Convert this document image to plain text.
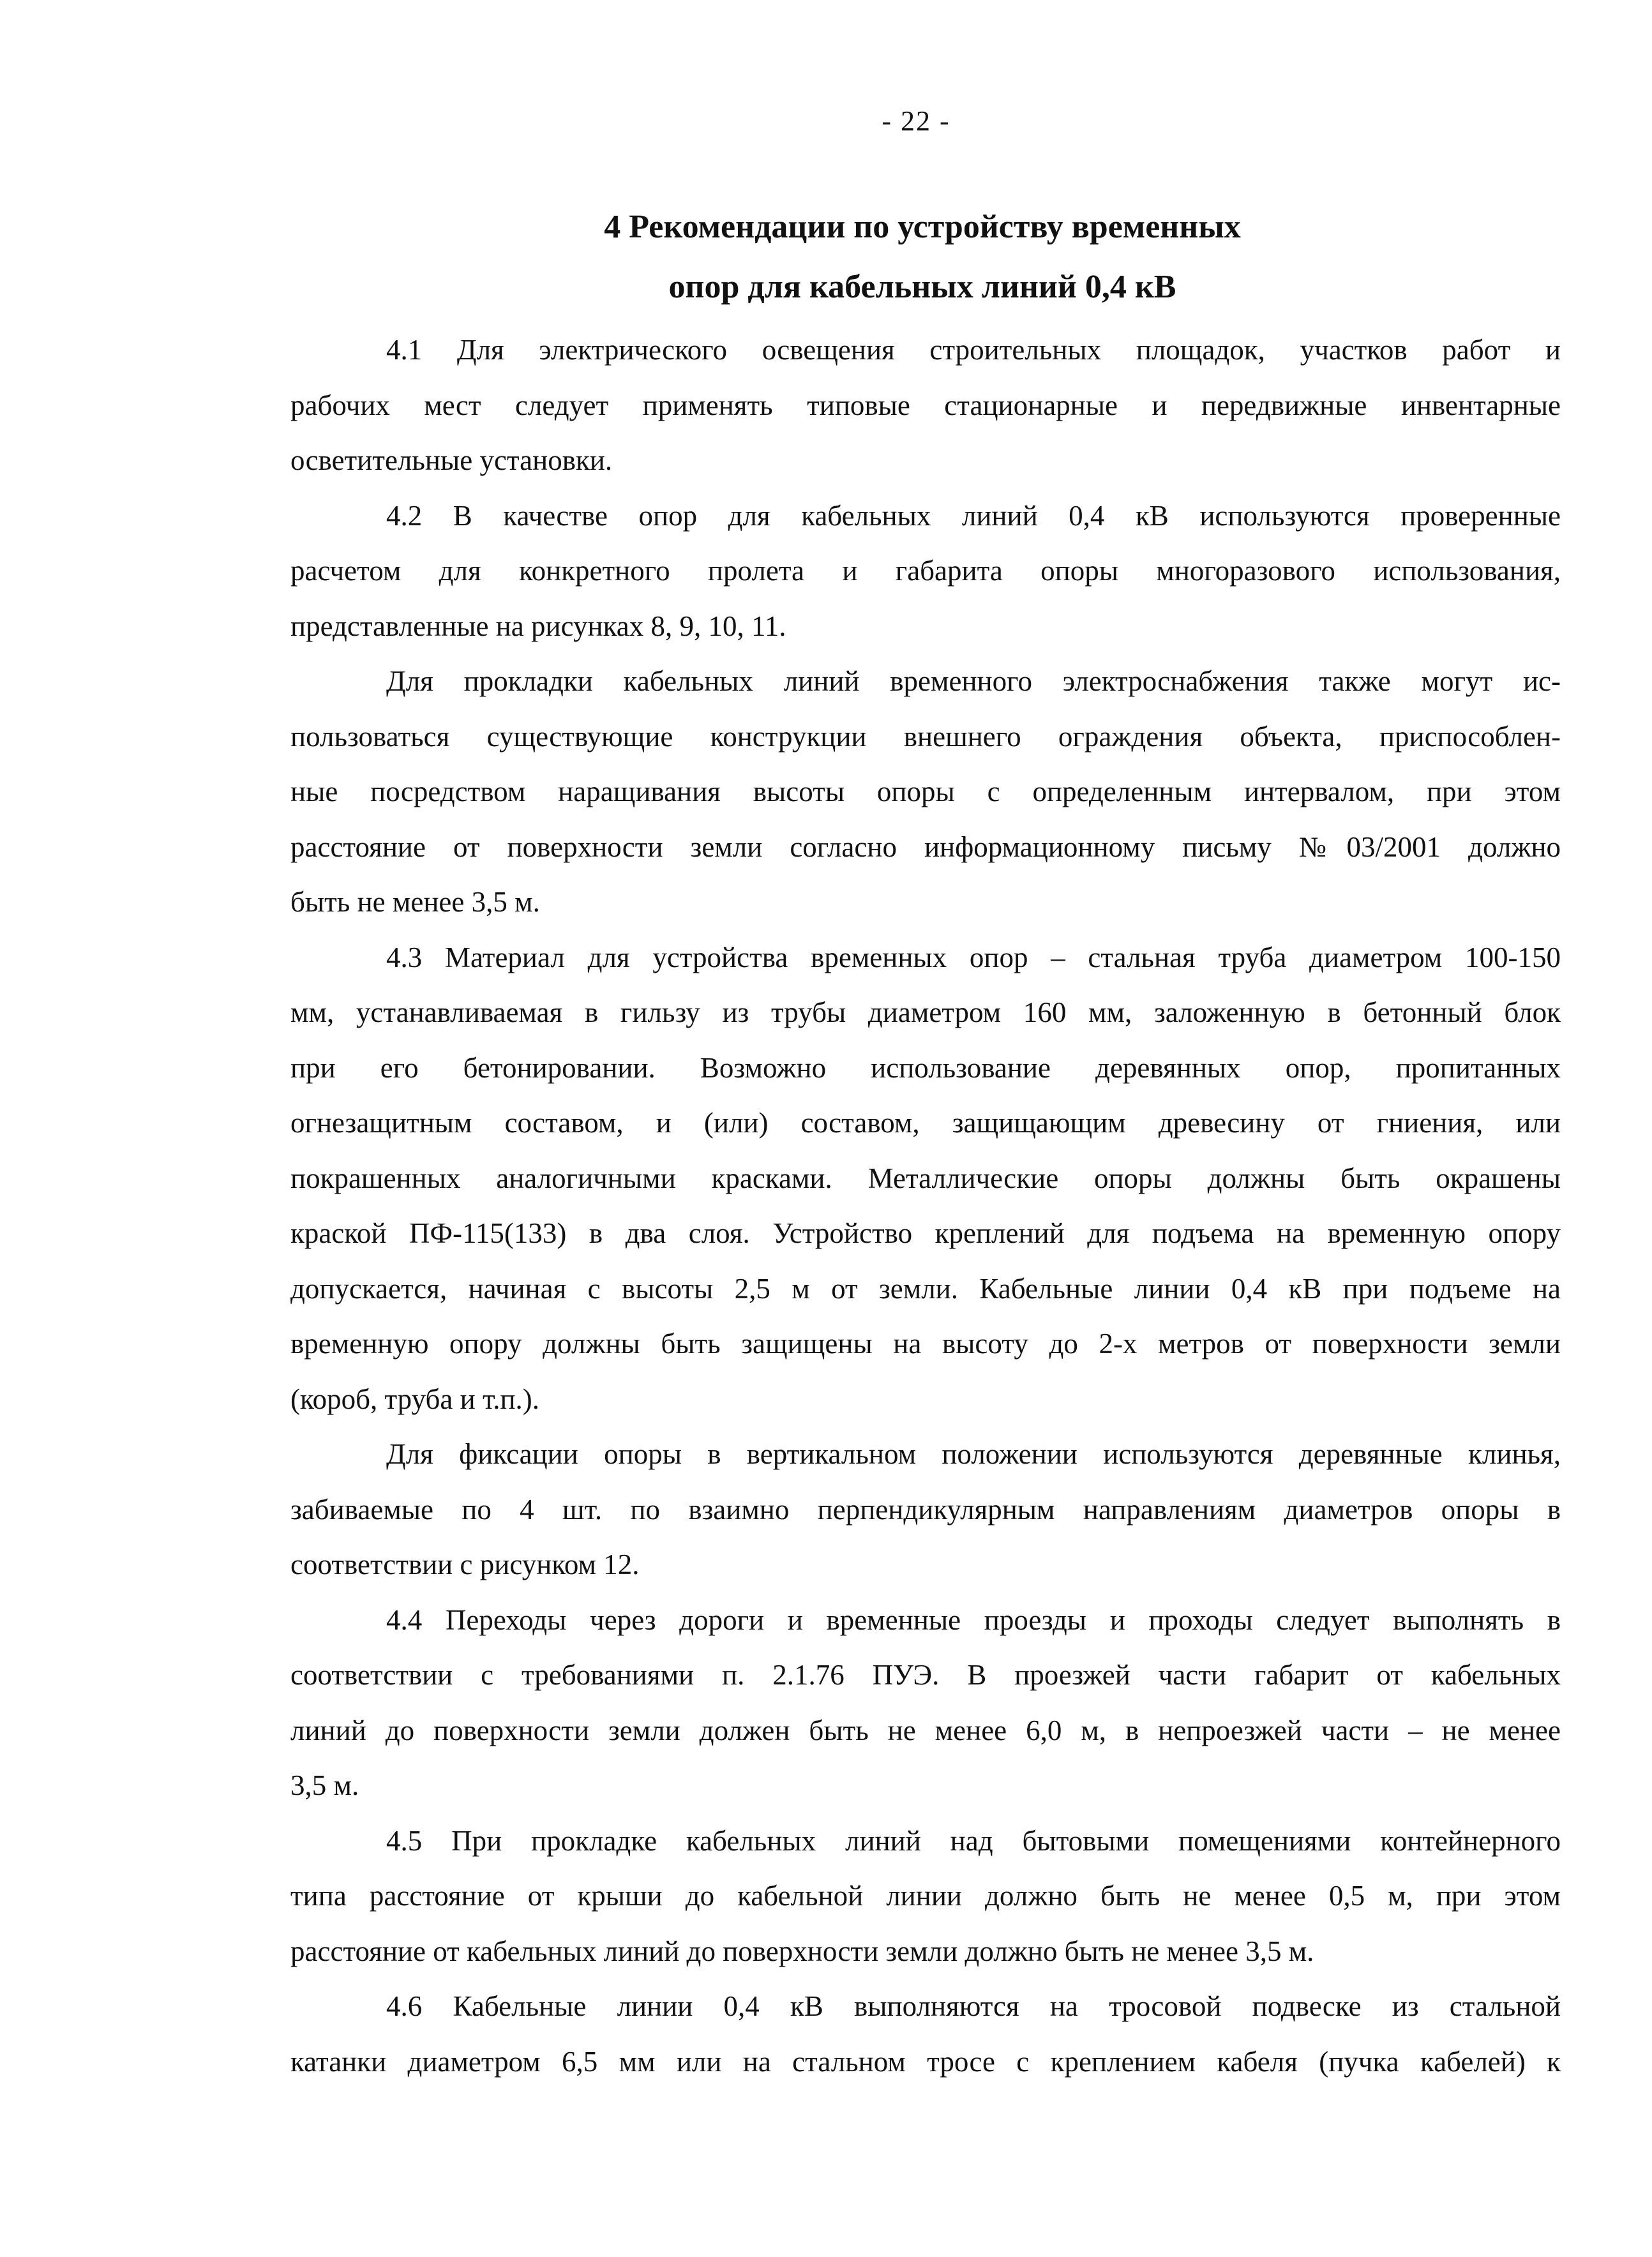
- 22 -
4 Рекомендации по устройству временных
опор для кабельных линий 0,4 кВ

4.1 Для электрического освещения строительных площадок, участков работ и
рабочих мест следует применять типовые стационарные и передвижные инвентарные
осветительные установки.

4.2 В качестве опор для кабельных линий 0,4 кВ используются проверенные
расчетом для конкретного пролета и габарита опоры многоразового использования,
представленные на рисунках 8, 9, 10, 11.

Для прокладки кабельных линий временного электроснабжения также могут ис-
пользоваться существующие конструкции внешнего ограждения объекта, приспособлен-
ные посредством наращивания высоты опоры с определенным интервалом, при этом
расстояние от поверхности земли согласно информационному письму №03/2001 должно
быть не менее 3,5 м.

4.3 Материал для устройства временных опор – стальная труба диаметром 100-150
мм, устанавливаемая в гильзу из трубы диаметром 160 мм, заложенную в бетонный блок
при его бетонировании. Возможно использование деревянных опор, пропитанных
огнезащитным составом, и (или) составом, защищающим древесину от гниения, или
покрашенных аналогичными красками. Металлические опоры должны быть окрашены
краской ПФ-115(133) в два слоя. Устройство креплений для подъема на временную опору
допускается, начиная с высоты 2,5 м от земли. Кабельные линии 0,4 кВ при подъеме на
временную опору должны быть защищены на высоту до 2-х метров от поверхности земли
(короб, труба и т.п.).

Для фиксации опоры в вертикальном положении используются деревянные клинья,
забиваемые по 4 шт. по взаимно перпендикулярным направлениям диаметров опоры в
соответствии с рисунком 12.

4.4 Переходы через дороги и временные проезды и проходы следует выполнять в
соответствии с требованиями п. 2.1.76 ПУЭ. В проезжей части габарит от кабельных
линий до поверхности земли должен быть не менее 6,0 м, в непроезжей части – не менее
3,5 м.

4.5 При прокладке кабельных линий над бытовыми помещениями контейнерного
типа расстояние от крыши до кабельной линии должно быть не менее 0,5 м, при этом
расстояние от кабельных линий до поверхности земли должно быть не менее 3,5 м.

4.6 Кабельные линии 0,4 кВ выполняются на тросовой подвеске из стальной
катанки диаметром 6,5 мм или на стальном тросе с креплением кабеля (пучка кабелей) к
